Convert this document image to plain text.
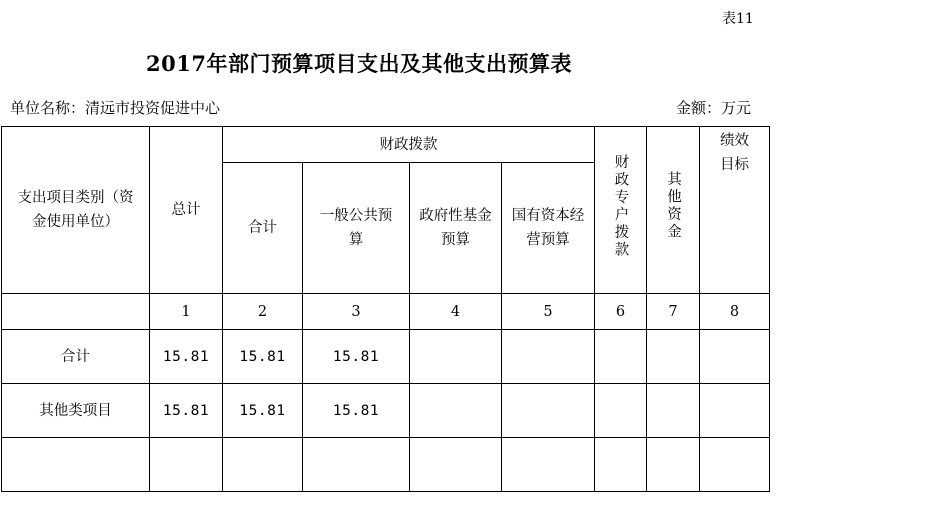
表11
2017年部门预算项目支出及其他支出预算表
单位名称：清远市投资促进中心	金额：万元
支出项目类别（资金使用单位）	总计	财政拨款				财政专户拨款	其他资金	绩效目标

		合计	一般公共预算	政府性基金预算	国有资本经营预算			

	1	2	3	4	5	6	7	8
合计	15.81	15.81	15.81					
其他类项目	15.81	15.81	15.81					
